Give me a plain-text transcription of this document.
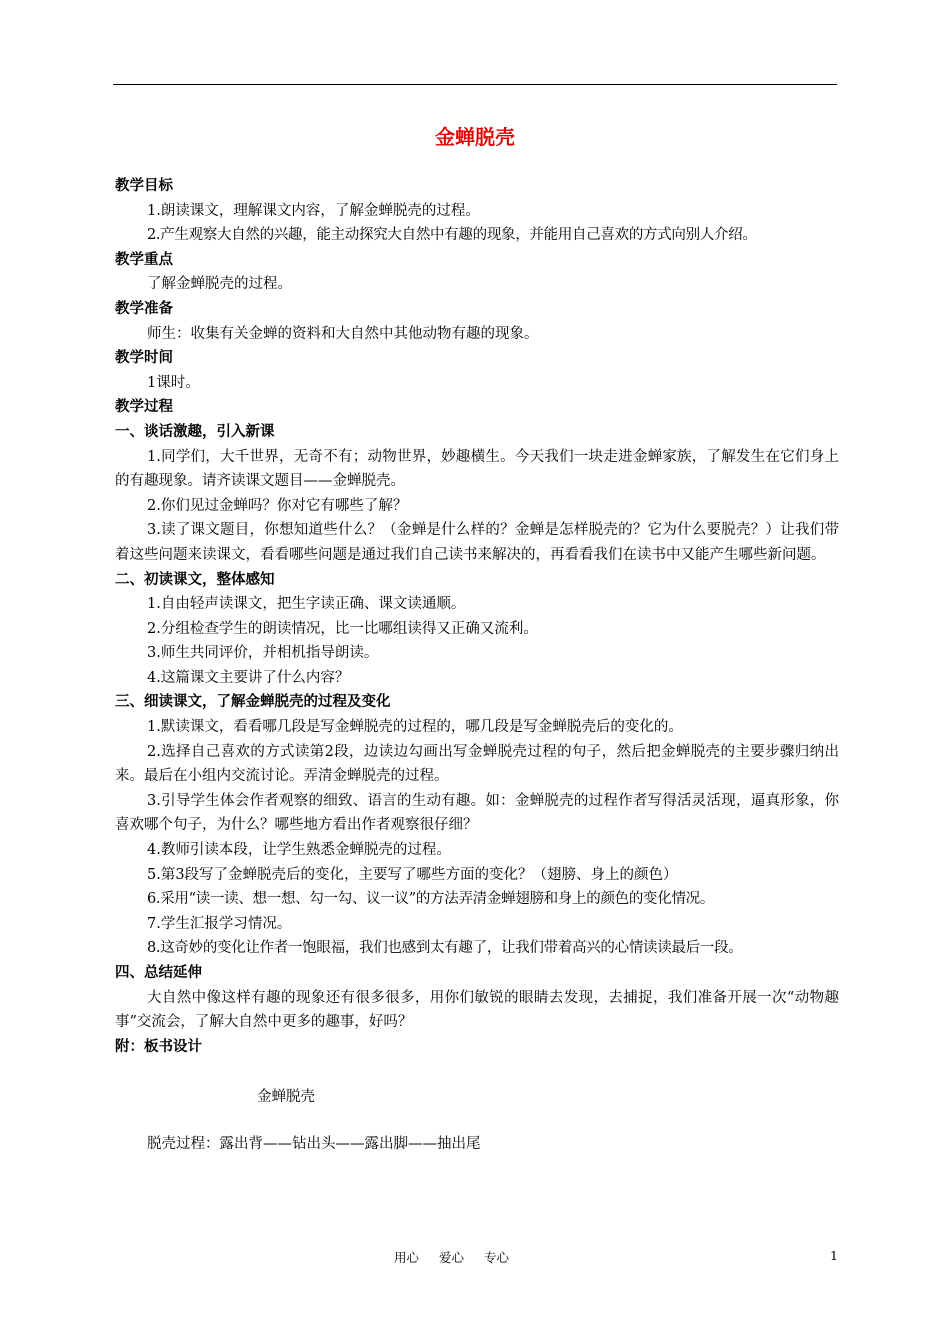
金蝉脱壳
教学目标
1.朗读课文，理解课文内容，了解金蝉脱壳的过程。
2.产生观察大自然的兴趣，能主动探究大自然中有趣的现象，并能用自己喜欢的方式向别人介绍。
教学重点
了解金蝉脱壳的过程。
教学准备
师生：收集有关金蝉的资料和大自然中其他动物有趣的现象。
教学时间
1课时。
教学过程
一、谈话激趣，引入新课
1.同学们，大千世界，无奇不有；动物世界，妙趣横生。今天我们一块走进金蝉家族，了解发生在它们身上的有趣现象。请齐读课文题目——金蝉脱壳。
2.你们见过金蝉吗？你对它有哪些了解？
3.读了课文题目，你想知道些什么？（金蝉是什么样的？金蝉是怎样脱壳的？它为什么要脱壳？）让我们带着这些问题来读课文，看看哪些问题是通过我们自己读书来解决的，再看看我们在读书中又能产生哪些新问题。
二、初读课文，整体感知
1.自由轻声读课文，把生字读正确、课文读通顺。
2.分组检查学生的朗读情况，比一比哪组读得又正确又流利。
3.师生共同评价，并相机指导朗读。
4.这篇课文主要讲了什么内容？
三、细读课文，了解金蝉脱壳的过程及变化
1.默读课文，看看哪几段是写金蝉脱壳的过程的，哪几段是写金蝉脱壳后的变化的。
2.选择自己喜欢的方式读第2段，边读边勾画出写金蝉脱壳过程的句子，然后把金蝉脱壳的主要步骤归纳出来。最后在小组内交流讨论。弄清金蝉脱壳的过程。
3.引导学生体会作者观察的细致、语言的生动有趣。如：金蝉脱壳的过程作者写得活灵活现，逼真形象，你喜欢哪个句子，为什么？哪些地方看出作者观察很仔细？
4.教师引读本段，让学生熟悉金蝉脱壳的过程。
5.第3段写了金蝉脱壳后的变化，主要写了哪些方面的变化？（翅膀、身上的颜色）
6.采用“读一读、想一想、勾一勾、议一议”的方法弄清金蝉翅膀和身上的颜色的变化情况。
7.学生汇报学习情况。
8.这奇妙的变化让作者一饱眼福，我们也感到太有趣了，让我们带着高兴的心情读读最后一段。
四、总结延伸
大自然中像这样有趣的现象还有很多很多，用你们敏锐的眼睛去发现，去捕捉，我们准备开展一次“动物趣事”交流会，了解大自然中更多的趣事，好吗？
附：板书设计
金蝉脱壳
脱壳过程：露出背——钻出头——露出脚——抽出尾
用心 爱心 专心	1
